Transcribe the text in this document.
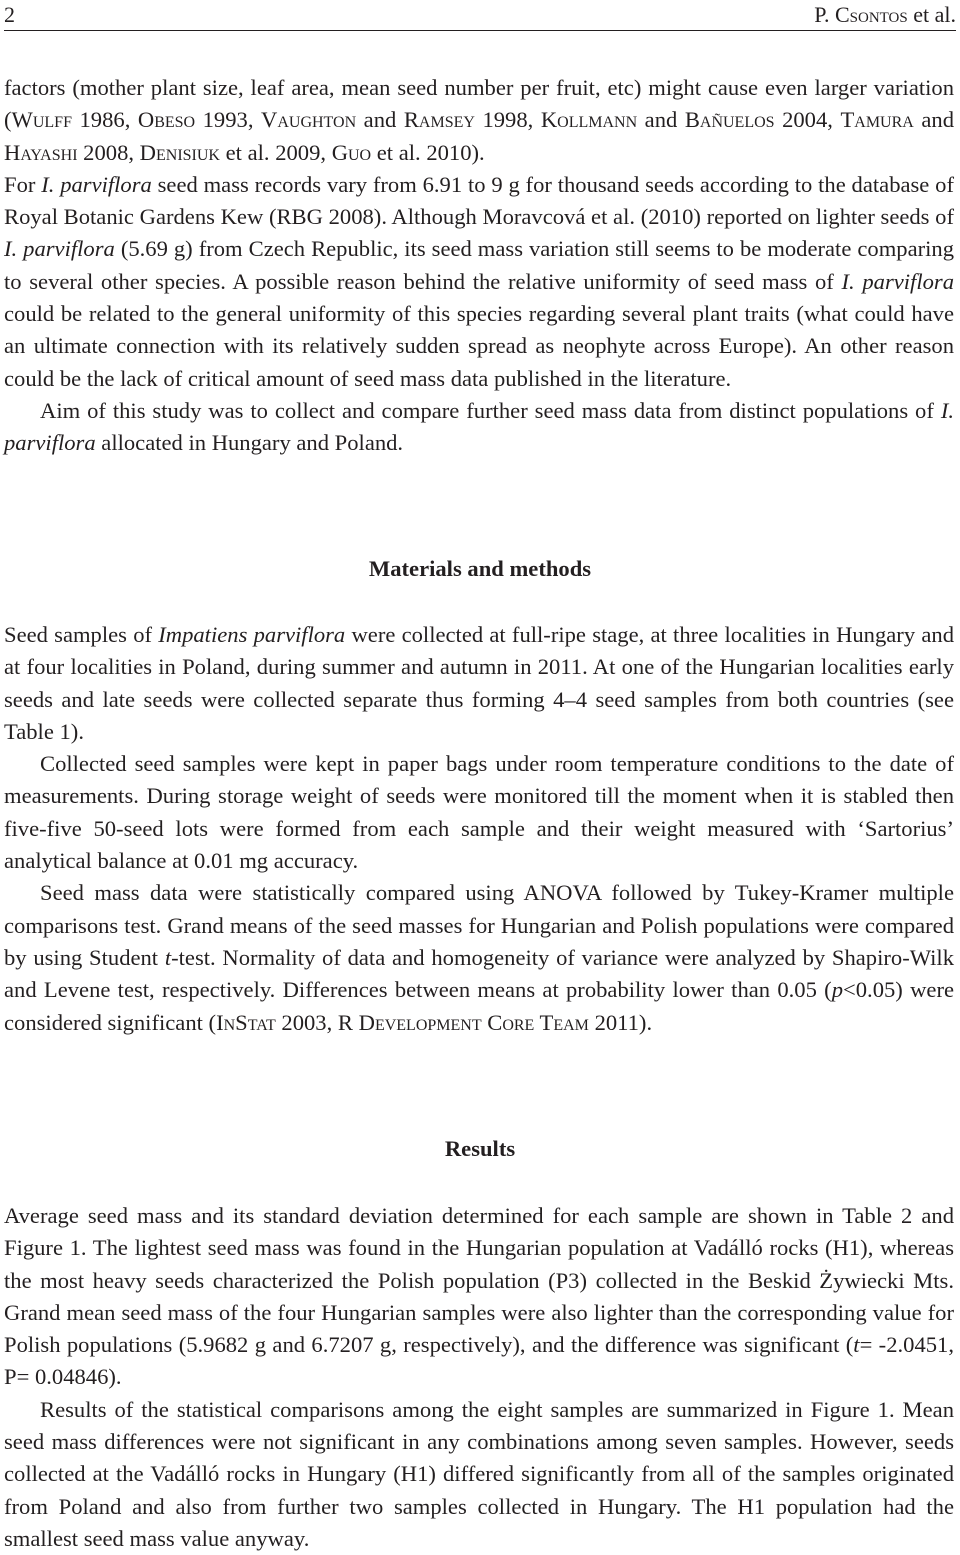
2	P. Csontos et al.

factors (mother plant size, leaf area, mean seed number per fruit, etc) might cause even larger variation (Wulff 1986, Obeso 1993, Vaughton and Ramsey 1998, Kollmann and Bañuelos 2004, Tamura and Hayashi 2008, Denisiuk et al. 2009, Guo et al. 2010).

For I. parviflora seed mass records vary from 6.91 to 9 g for thousand seeds according to the database of Royal Botanic Gardens Kew (RBG 2008). Although Moravcová et al. (2010) reported on lighter seeds of I. parviflora (5.69 g) from Czech Republic, its seed mass variation still seems to be moderate comparing to several other species. A possible reason behind the relative uniformity of seed mass of I. parviflora could be related to the general uniformity of this species regarding several plant traits (what could have an ultimate connection with its relatively sudden spread as neophyte across Europe). An other reason could be the lack of critical amount of seed mass data published in the literature.

Aim of this study was to collect and compare further seed mass data from distinct populations of I. parviflora allocated in Hungary and Poland.

Materials and methods

Seed samples of Impatiens parviflora were collected at full-ripe stage, at three localities in Hungary and at four localities in Poland, during summer and autumn in 2011. At one of the Hungarian localities early seeds and late seeds were collected separate thus forming 4–4 seed samples from both countries (see Table 1).

Collected seed samples were kept in paper bags under room temperature conditions to the date of measurements. During storage weight of seeds were monitored till the moment when it is stabled then five-five 50-seed lots were formed from each sample and their weight measured with ‘Sartorius’ analytical balance at 0.01 mg accuracy.

Seed mass data were statistically compared using ANOVA followed by Tukey-Kramer multiple comparisons test. Grand means of the seed masses for Hungarian and Polish populations were compared by using Student t-test. Normality of data and homogeneity of variance were analyzed by Shapiro-Wilk and Levene test, respectively. Differences between means at probability lower than 0.05 (p<0.05) were considered significant (InStat 2003, R Development Core Team 2011).

Results

Average seed mass and its standard deviation determined for each sample are shown in Table 2 and Figure 1. The lightest seed mass was found in the Hungarian population at Vadálló rocks (H1), whereas the most heavy seeds characterized the Polish population (P3) collected in the Beskid Żywiecki Mts. Grand mean seed mass of the four Hungarian samples were also lighter than the corresponding value for Polish populations (5.9682 g and 6.7207 g, respectively), and the difference was significant (t= -2.0451, P= 0.04846).

Results of the statistical comparisons among the eight samples are summarized in Figure 1. Mean seed mass differences were not significant in any combinations among seven samples. However, seeds collected at the Vadálló rocks in Hungary (H1) differed significantly from all of the samples originated from Poland and also from further two samples collected in Hungary. The H1 population had the smallest seed mass value anyway.
